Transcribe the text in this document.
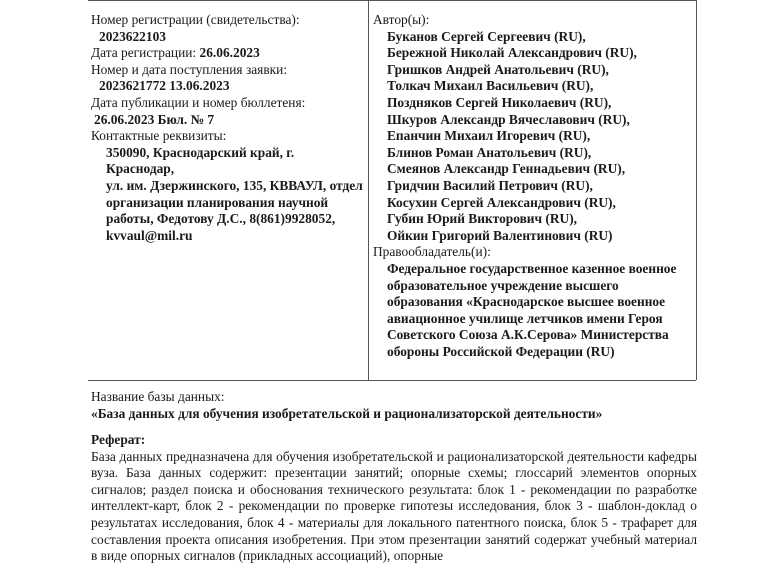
Номер регистрации (свидетельства):
2023622103
Дата регистрации: 26.06.2023
Номер и дата поступления заявки:
2023621772 13.06.2023
Дата публикации и номер бюллетеня:
26.06.2023 Бюл. № 7
Контактные реквизиты:
350090, Краснодарский край, г. Краснодар,
ул. им. Дзержинского, 135, КВВАУЛ, отдел
организации планирования научной
работы, Федотову Д.С., 8(861)9928052,
kvvaul@mil.ru
Автор(ы):
Буканов Сергей Сергеевич (RU),
Бережной Николай Александрович (RU),
Гришков Андрей Анатольевич (RU),
Толкач Михаил Васильевич (RU),
Поздняков Сергей Николаевич (RU),
Шкуров Александр Вячеславович (RU),
Епанчин Михаил Игоревич (RU),
Блинов Роман Анатольевич (RU),
Смеянов Александр Геннадьевич (RU),
Гридчин Василий Петрович (RU),
Косухин Сергей Александрович (RU),
Губин Юрий Викторович (RU),
Ойкин Григорий Валентинович (RU)
Правообладатель(и):
Федеральное государственное казенное военное
образовательное учреждение высшего
образования «Краснодарское высшее военное
авиационное училище летчиков имени Героя
Советского Союза А.К.Серова» Министерства
обороны Российской Федерации (RU)
Название базы данных:
«База данных для обучения изобретательской и рационализаторской деятельности»
Реферат:
База данных предназначена для обучения изобретательской и рационализаторской деятельности кафедры вуза. База данных содержит: презентации занятий; опорные схемы; глоссарий элементов опорных сигналов; раздел поиска и обоснования технического результата: блок 1 - рекомендации по разработке интеллект-карт, блок 2 - рекомендации по проверке гипотезы исследования, блок 3 - шаблон-доклад о результатах исследования, блок 4 - материалы для локального патентного поиска, блок 5 - трафарет для составления проекта описания изобретения. При этом презентации занятий содержат учебный материал в виде опорных сигналов (прикладных ассоциаций), опорные
